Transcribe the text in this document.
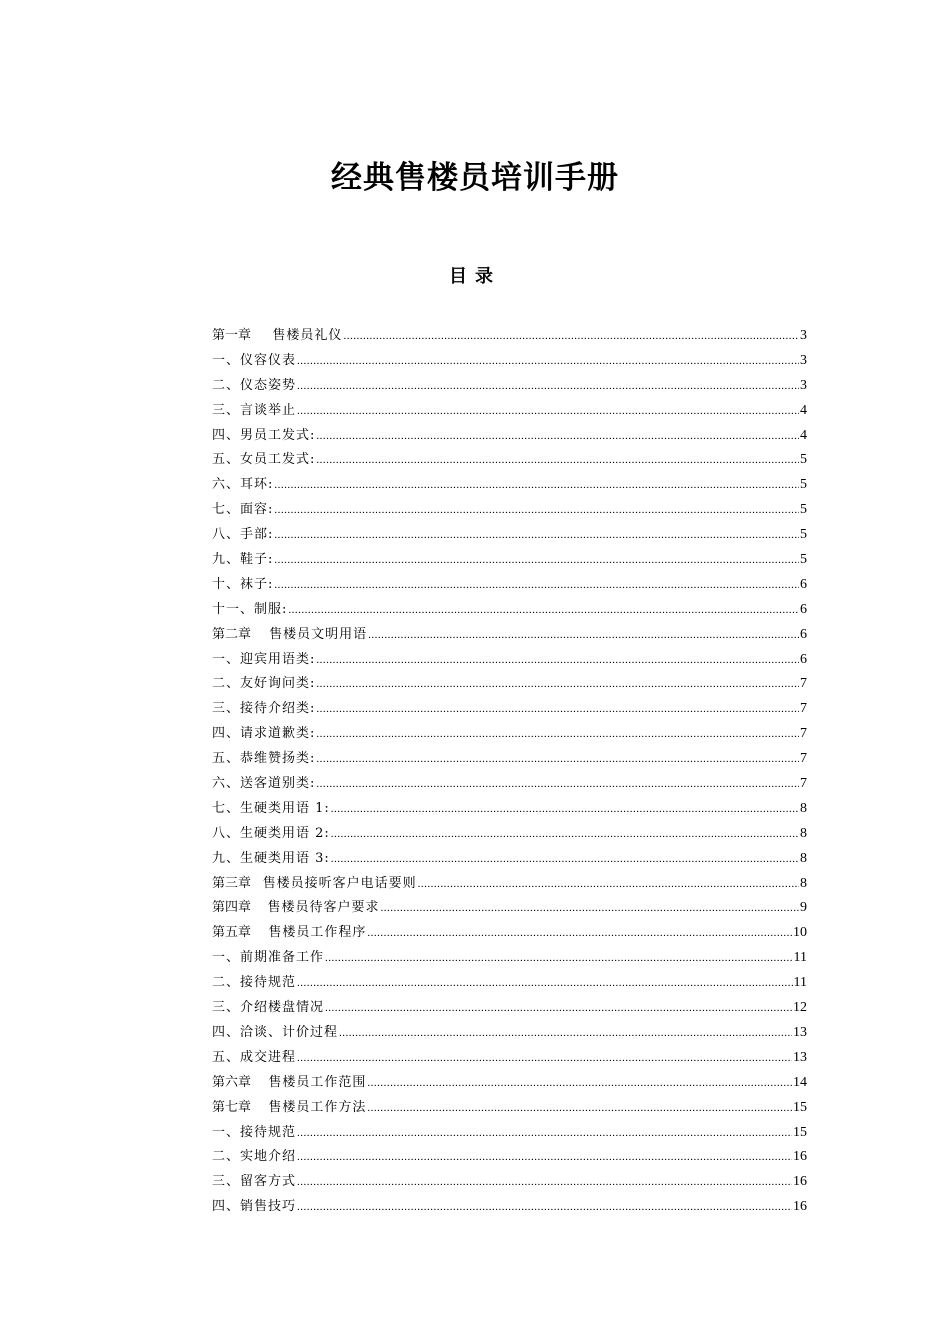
经典售楼员培训手册
目录
第一章	售楼员礼仪 .....	3
一、仪容仪表 .....	3
二、仪态姿势 .....	3
三、言谈举止 .....	4
四、男员工发式: .....	4
五、女员工发式: .....	5
六、耳环: .....	5
七、面容: .....	5
八、手部: .....	5
九、鞋子: .....	5
十、袜子: .....	6
十一、制服: .....	6
第二章	售楼员文明用语 .....	6
一、迎宾用语类: .....	6
二、友好询问类: .....	7
三、接待介绍类: .....	7
四、请求道歉类: .....	7
五、恭维赞扬类: .....	7
六、送客道别类: .....	7
七、生硬类用语 1: .....	8
八、生硬类用语 2: .....	8
九、生硬类用语 3: .....	8
第三章 售楼员接听客户电话要则 .....	8
第四章	售楼员待客户要求 .....	9
第五章	售楼员工作程序 .....	10
一、前期准备工作 .....	11
二、接待规范 .....	11
三、介绍楼盘情况 .....	12
四、洽谈、计价过程 .....	13
五、成交进程 .....	13
第六章	售楼员工作范围 .....	14
第七章	售楼员工作方法 .....	15
一、接待规范 .....	15
二、实地介绍 .....	16
三、留客方式 .....	16
四、销售技巧 .....	16
